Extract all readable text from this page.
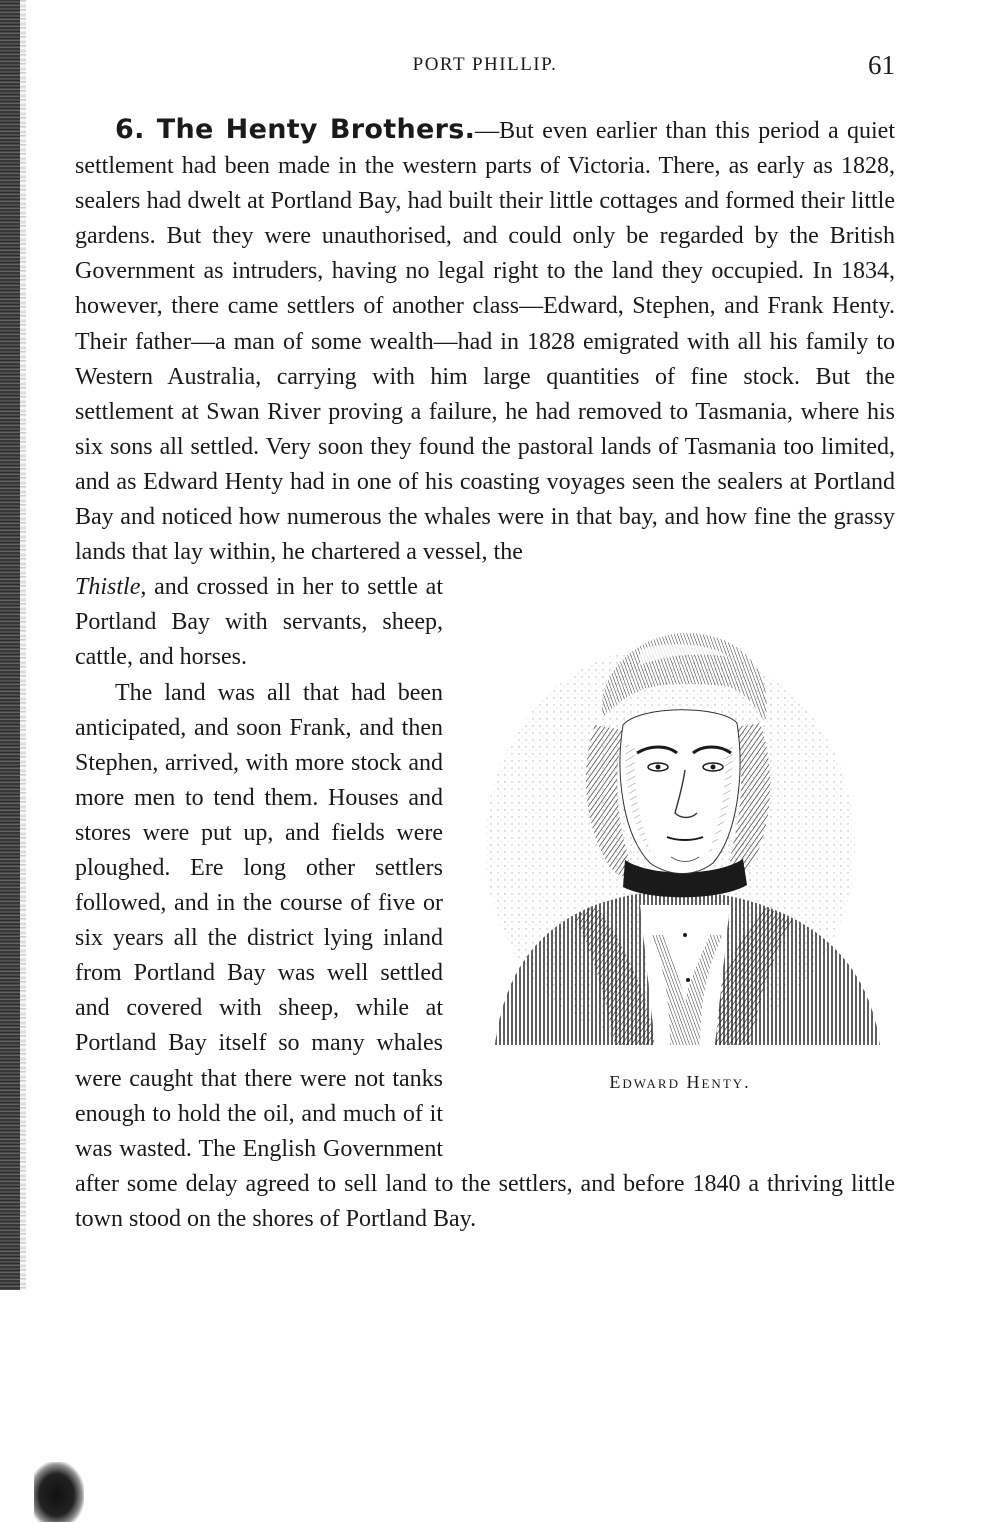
PORT PHILLIP.	61

6. The Henty Brothers.—But even earlier than this period a quiet settlement had been made in the western parts of Victoria. There, as early as 1828, sealers had dwelt at Portland Bay, had built their little cottages and formed their little gardens. But they were unauthorised, and could only be regarded by the British Government as intruders, having no legal right to the land they occupied. In 1834, however, there came settlers of another class—Edward, Stephen, and Frank Henty. Their father—a man of some wealth—had in 1828 emigrated with all his family to Western Australia, carrying with him large quantities of fine stock. But the settlement at Swan River proving a failure, he had removed to Tasmania, where his six sons all settled. Very soon they found the pastoral lands of Tasmania too limited, and as Edward Henty had in one of his coasting voyages seen the sealers at Portland Bay and noticed how numerous the whales were in that bay, and how fine the grassy lands that lay within, he chartered a vessel, the

Edward Henty.
Thistle, and crossed in her to settle at Portland Bay with servants, sheep, cattle, and horses.

The land was all that had been anticipated, and soon Frank, and then Stephen, arrived, with more stock and more men to tend them. Houses and stores were put up, and fields were ploughed. Ere long other settlers followed, and in the course of five or six years all the district lying inland from Portland Bay was well settled and covered with sheep, while at Portland Bay itself so many whales were caught that there were not tanks enough to hold the oil, and much of it was wasted. The English Government after some delay agreed to sell land to the settlers, and before 1840 a thriving little town stood on the shores of Portland Bay.
